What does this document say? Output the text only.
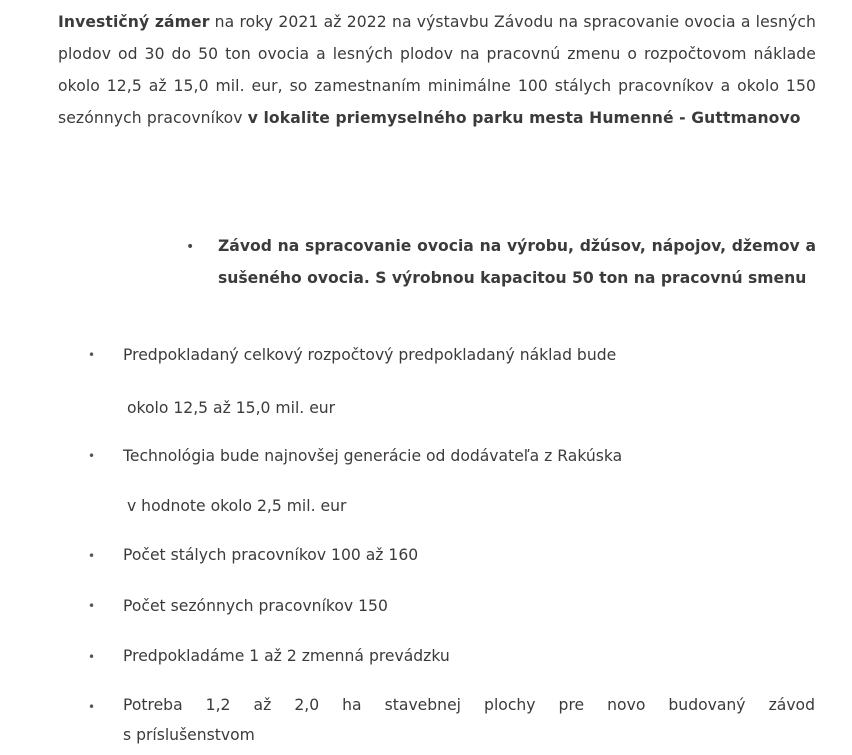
Investičný zámer na roky 2021 až 2022 na výstavbu Závodu na spracovanie ovocia a lesných plodov od 30 do 50 ton ovocia a lesných plodov na pracovnú zmenu o rozpočtovom náklade okolo 12,5 až 15,0 mil. eur, so zamestnaním minimálne 100 stálych pracovníkov a okolo 150 sezónnych pracovníkov v lokalite priemyselného parku mesta Humenné - Guttmanovo
• Závod na spracovanie ovocia na výrobu, džúsov, nápojov, džemov a sušeného ovocia. S výrobnou kapacitou 50 ton na pracovnú smenu
• Predpokladaný celkový rozpočtový predpokladaný náklad bude
okolo 12,5 až 15,0 mil. eur
• Technológia bude najnovšej generácie od dodávateľa z Rakúska
v hodnote okolo 2,5 mil. eur
• Počet stálych pracovníkov 100 až 160
• Počet sezónnych pracovníkov 150
• Predpokladáme 1 až 2 zmenná prevádzku
• Potreba 1,2 až 2,0 ha stavebnej plochy pre novo budovaný závod
s príslušenstvom
